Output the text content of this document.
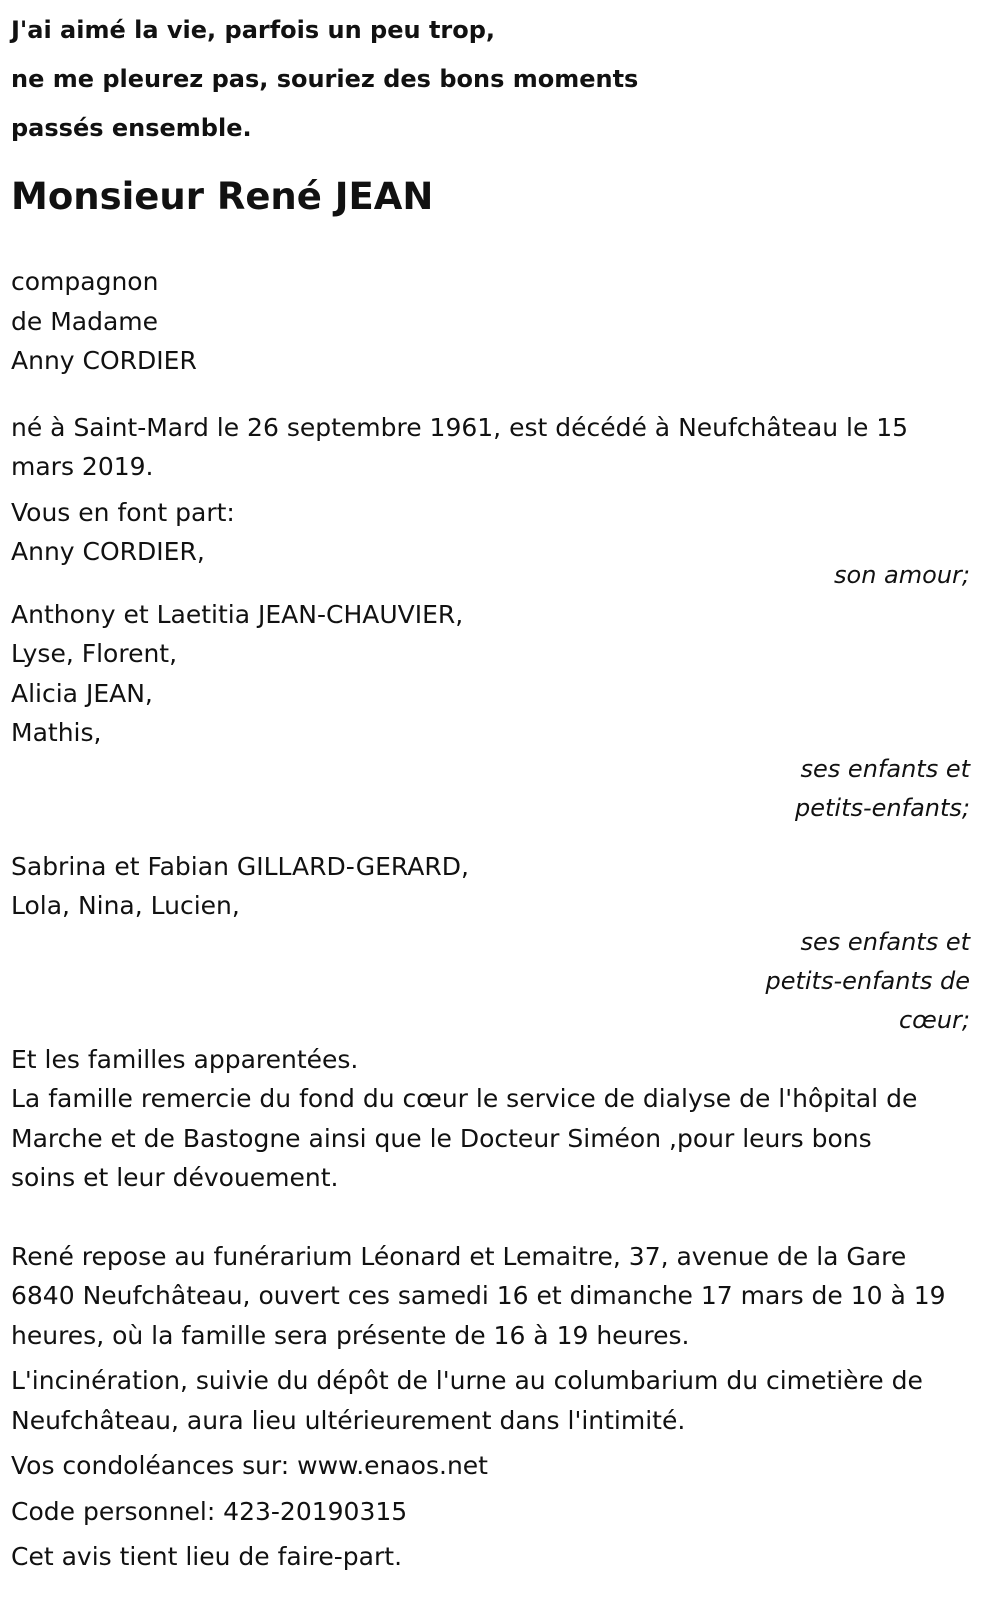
J'ai aimé la vie, parfois un peu trop,
ne me pleurez pas, souriez des bons moments
passés ensemble.
Monsieur René JEAN
compagnon
de Madame
Anny CORDIER
né à Saint-Mard le 26 septembre 1961, est décédé à Neufchâteau le 15
mars 2019.
Vous en font part:
Anny CORDIER,
son amour;
Anthony et Laetitia JEAN-CHAUVIER,
Lyse, Florent,
Alicia JEAN,
Mathis,
ses enfants et
petits-enfants;
Sabrina et Fabian GILLARD-GERARD,
Lola, Nina, Lucien,
ses enfants et
petits-enfants de
cœur;
Et les familles apparentées.
La famille remercie du fond du cœur le service de dialyse de l'hôpital de
Marche et de Bastogne ainsi que le Docteur Siméon ,pour leurs bons
soins et leur dévouement.
René repose au funérarium Léonard et Lemaitre, 37, avenue de la Gare
6840 Neufchâteau, ouvert ces samedi 16 et dimanche 17 mars de 10 à 19
heures, où la famille sera présente de 16 à 19 heures.
L'incinération, suivie du dépôt de l'urne au columbarium du cimetière de
Neufchâteau, aura lieu ultérieurement dans l'intimité.
Vos condoléances sur: www.enaos.net
Code personnel: 423-20190315
Cet avis tient lieu de faire-part.
